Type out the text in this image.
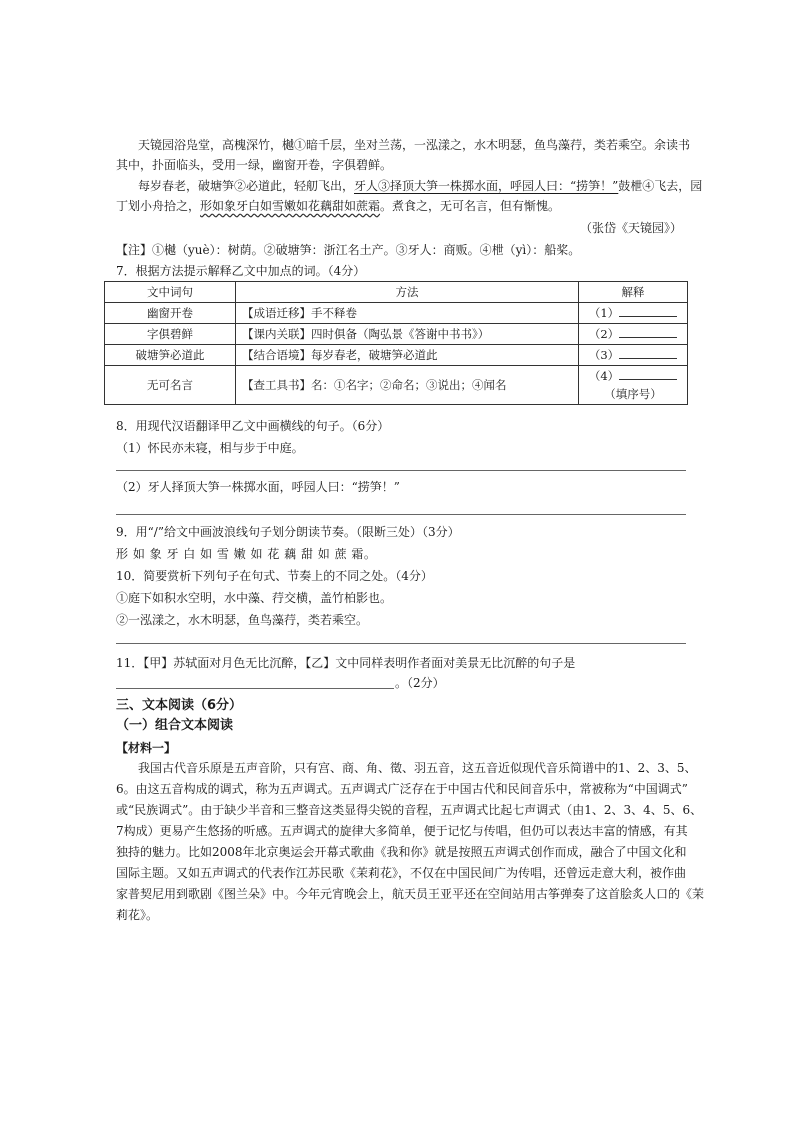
天镜园浴凫堂，高槐深竹，樾①暗千层，坐对兰荡，一泓漾之，水木明瑟，鱼鸟藻荇，类若乘空。余读书
其中，扑面临头，受用一绿，幽窗开卷，字俱碧鲜。
每岁春老，破塘笋②必道此，轻舠飞出，牙人③择顶大笋一株掷水面，呼园人曰：“捞笋！”鼓枻④飞去，园
丁划小舟拾之，形如象牙白如雪嫩如花藕甜如蔗霜。煮食之，无可名言，但有惭愧。
（张岱《天镜园》）
【注】①樾（yuè）：树荫。②破塘笋：浙江名土产。③牙人：商贩。④枻（yì）：船桨。
7．根据方法提示解释乙文中加点的词。（4分）
文中词句	方法	解释
幽窗开卷	【成语迁移】手不释卷	（1）
字俱碧鲜	【课内关联】四时俱备（陶弘景《答谢中书书》）	（2）
破塘笋必道此	【结合语境】每岁春老，破塘笋必道此	（3）
无可名言	【查工具书】名：①名字；②命名；③说出；④闻名	（4）
（填序号）
8．用现代汉语翻译甲乙文中画横线的句子。（6分）
（1）怀民亦未寝，相与步于中庭。
（2）牙人择顶大笋一株掷水面，呼园人曰：“捞笋！”
9．用“/”给文中画波浪线句子划分朗读节奏。（限断三处）（3分）
形 如 象 牙 白 如 雪 嫩 如 花 藕 甜 如 蔗 霜。
10．简要赏析下列句子在句式、节奏上的不同之处。（4分）
①庭下如积水空明，水中藻、荇交横，盖竹柏影也。
②一泓漾之，水木明瑟，鱼鸟藻荇，类若乘空。
11．【甲】苏轼面对月色无比沉醉，【乙】文中同样表明作者面对美景无比沉醉的句子是
。（2分）
三、文本阅读（6分）
（一）组合文本阅读
【材料一】
我国古代音乐原是五声音阶，只有宫、商、角、徵、羽五音，这五音近似现代音乐简谱中的1、2、3、5、
6。由这五音构成的调式，称为五声调式。五声调式广泛存在于中国古代和民间音乐中，常被称为“中国调式”
或“民族调式”。由于缺少半音和三整音这类显得尖锐的音程，五声调式比起七声调式（由1、2、3、4、5、6、
7构成）更易产生悠扬的听感。五声调式的旋律大多简单，便于记忆与传唱，但仍可以表达丰富的情感，有其
独持的魅力。比如2008年北京奥运会开幕式歌曲《我和你》就是按照五声调式创作而成，融合了中国文化和
国际主题。又如五声调式的代表作江苏民歌《茉莉花》，不仅在中国民间广为传唱，还曾远走意大利，被作曲
家普契尼用到歌剧《图兰朵》中。今年元宵晚会上，航天员王亚平还在空间站用古筝弹奏了这首脍炙人口的《茉
莉花》。
